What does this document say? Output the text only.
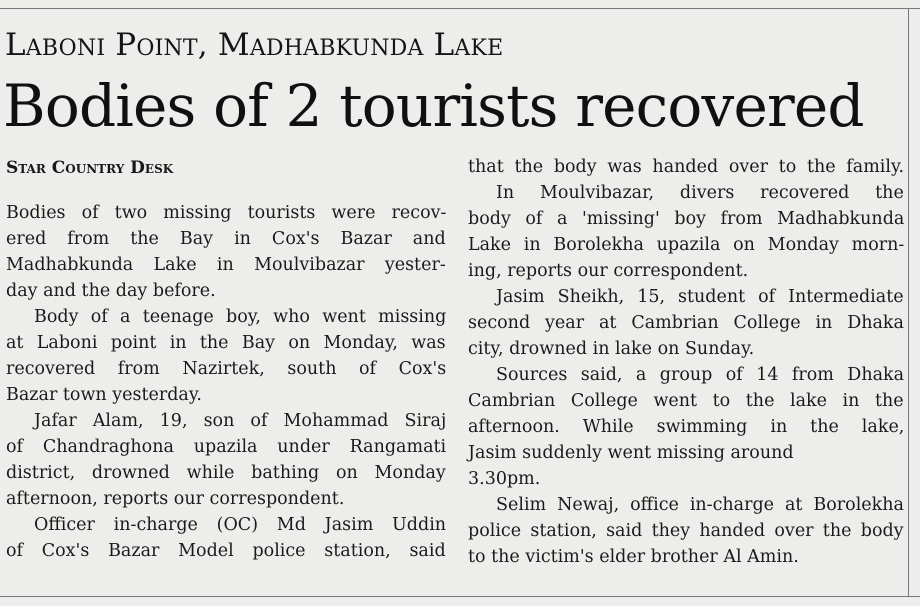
Laboni Point, Madhabkunda Lake
Bodies of 2 tourists recovered
Star Country Desk
Bodies of two missing tourists were recov-
ered from the Bay in Cox's Bazar and
Madhabkunda Lake in Moulvibazar yester-
day and the day before.
Body of a teenage boy, who went missing
at Laboni point in the Bay on Monday, was
recovered from Nazirtek, south of Cox's
Bazar town yesterday.
Jafar Alam, 19, son of Mohammad Siraj
of Chandraghona upazila under Rangamati
district, drowned while bathing on Monday
afternoon, reports our correspondent.
Officer in-charge (OC) Md Jasim Uddin
of Cox's Bazar Model police station, said
that the body was handed over to the family.
In Moulvibazar, divers recovered the
body of a 'missing' boy from Madhabkunda
Lake in Borolekha upazila on Monday morn-
ing, reports our correspondent.
Jasim Sheikh, 15, student of Intermediate
second year at Cambrian College in Dhaka
city, drowned in lake on Sunday.
Sources said, a group of 14 from Dhaka
Cambrian College went to the lake in the
afternoon. While swimming in the lake,
Jasim suddenly went missing around
3.30pm.
Selim Newaj, office in-charge at Borolekha
police station, said they handed over the body
to the victim's elder brother Al Amin.
